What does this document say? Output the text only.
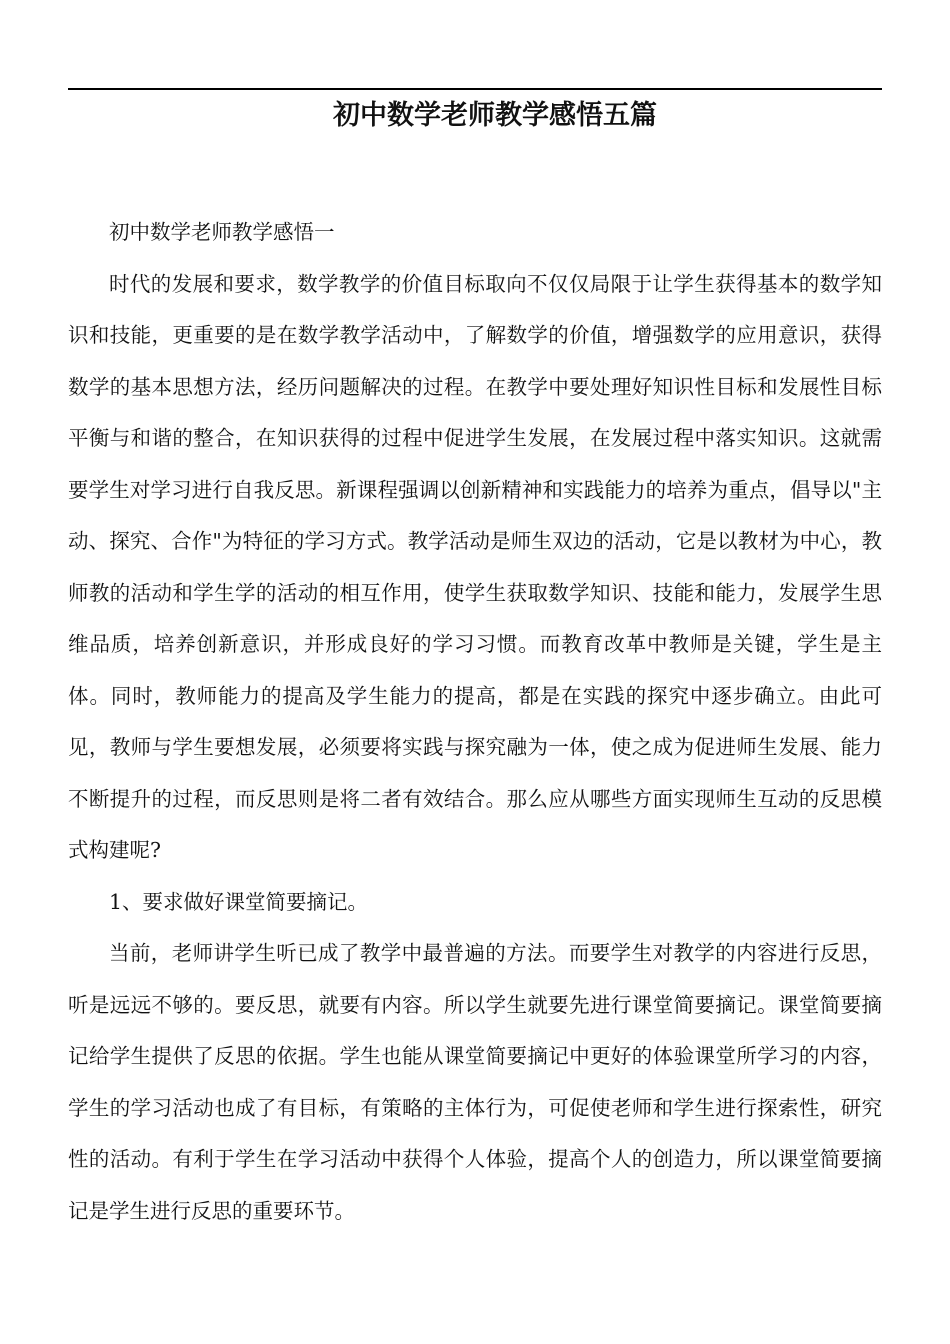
初中数学老师教学感悟五篇

初中数学老师教学感悟一

时代的发展和要求，数学教学的价值目标取向不仅仅局限于让学生获得基本的数学知识和技能，更重要的是在数学教学活动中，了解数学的价值，增强数学的应用意识，获得数学的基本思想方法，经历问题解决的过程。在教学中要处理好知识性目标和发展性目标平衡与和谐的整合，在知识获得的过程中促进学生发展，在发展过程中落实知识。这就需要学生对学习进行自我反思。新课程强调以创新精神和实践能力的培养为重点，倡导以"主动、探究、合作"为特征的学习方式。教学活动是师生双边的活动，它是以教材为中心，教师教的活动和学生学的活动的相互作用，使学生获取数学知识、技能和能力，发展学生思维品质，培养创新意识，并形成良好的学习习惯。而教育改革中教师是关键，学生是主体。同时，教师能力的提高及学生能力的提高，都是在实践的探究中逐步确立。由此可见，教师与学生要想发展，必须要将实践与探究融为一体，使之成为促进师生发展、能力不断提升的过程，而反思则是将二者有效结合。那么应从哪些方面实现师生互动的反思模式构建呢?

1、要求做好课堂简要摘记。

当前，老师讲学生听已成了教学中最普遍的方法。而要学生对教学的内容进行反思，听是远远不够的。要反思，就要有内容。所以学生就要先进行课堂简要摘记。课堂简要摘记给学生提供了反思的依据。学生也能从课堂简要摘记中更好的体验课堂所学习的内容，学生的学习活动也成了有目标，有策略的主体行为，可促使老师和学生进行探索性，研究性的活动。有利于学生在学习活动中获得个人体验，提高个人的创造力，所以课堂简要摘记是学生进行反思的重要环节。
